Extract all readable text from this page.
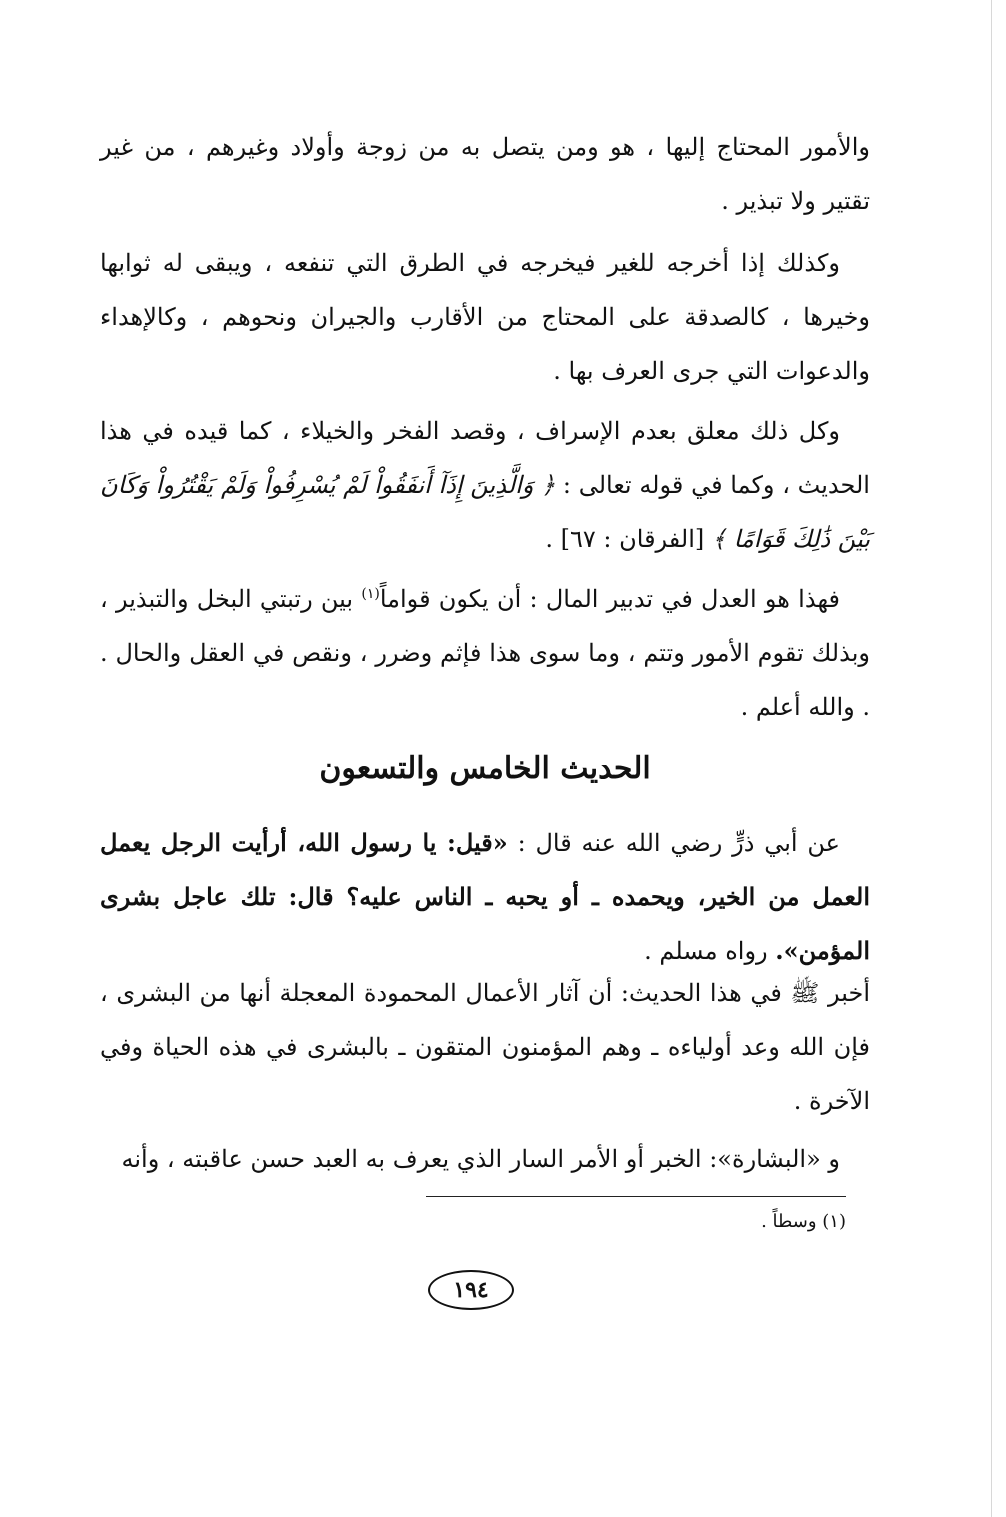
والأمور المحتاج إليها ، هو ومن يتصل به من زوجة وأولاد وغيرهم ، من غير تقتير ولا تبذير .

وكذلك إذا أخرجه للغير فيخرجه في الطرق التي تنفعه ، ويبقى له ثوابها وخيرها ، كالصدقة على المحتاج من الأقارب والجيران ونحوهم ، وكالإهداء والدعوات التي جرى العرف بها .

وكل ذلك معلق بعدم الإسراف ، وقصد الفخر والخيلاء ، كما قيده في هذا الحديث ، وكما في قوله تعالى : ﴿ وَالَّذِينَ إِذَآ أَنفَقُواْ لَمْ يُسْرِفُواْ وَلَمْ يَقْتُرُواْ وَكَانَ بَيْنَ ذَٰلِكَ قَوَامًا ﴾ [الفرقان : ٦٧] .

فهذا هو العدل في تدبير المال : أن يكون قواماً$^{(١)}$ بين رتبتي البخل والتبذير ، وبذلك تقوم الأمور وتتم ، وما سوى هذا فإثم وضرر ، ونقص في العقل والحال . . والله أعلم .

الحديث الخامس والتسعون

عن أبي ذرٍّ رضي الله عنه قال : «قيل: يا رسول الله، أرأيت الرجل يعمل العمل من الخير، ويحمده ـ أو يحبه ـ الناس عليه؟ قال: تلك عاجل بشرى المؤمن». رواه مسلم .

أخبر ﷺ في هذا الحديث: أن آثار الأعمال المحمودة المعجلة أنها من البشرى ، فإن الله وعد أولياءه ـ وهم المؤمنون المتقون ـ بالبشرى في هذه الحياة وفي الآخرة .

و «البشارة»: الخبر أو الأمر السار الذي يعرف به العبد حسن عاقبته ، وأنه

(١) وسطاً .

١٩٤
